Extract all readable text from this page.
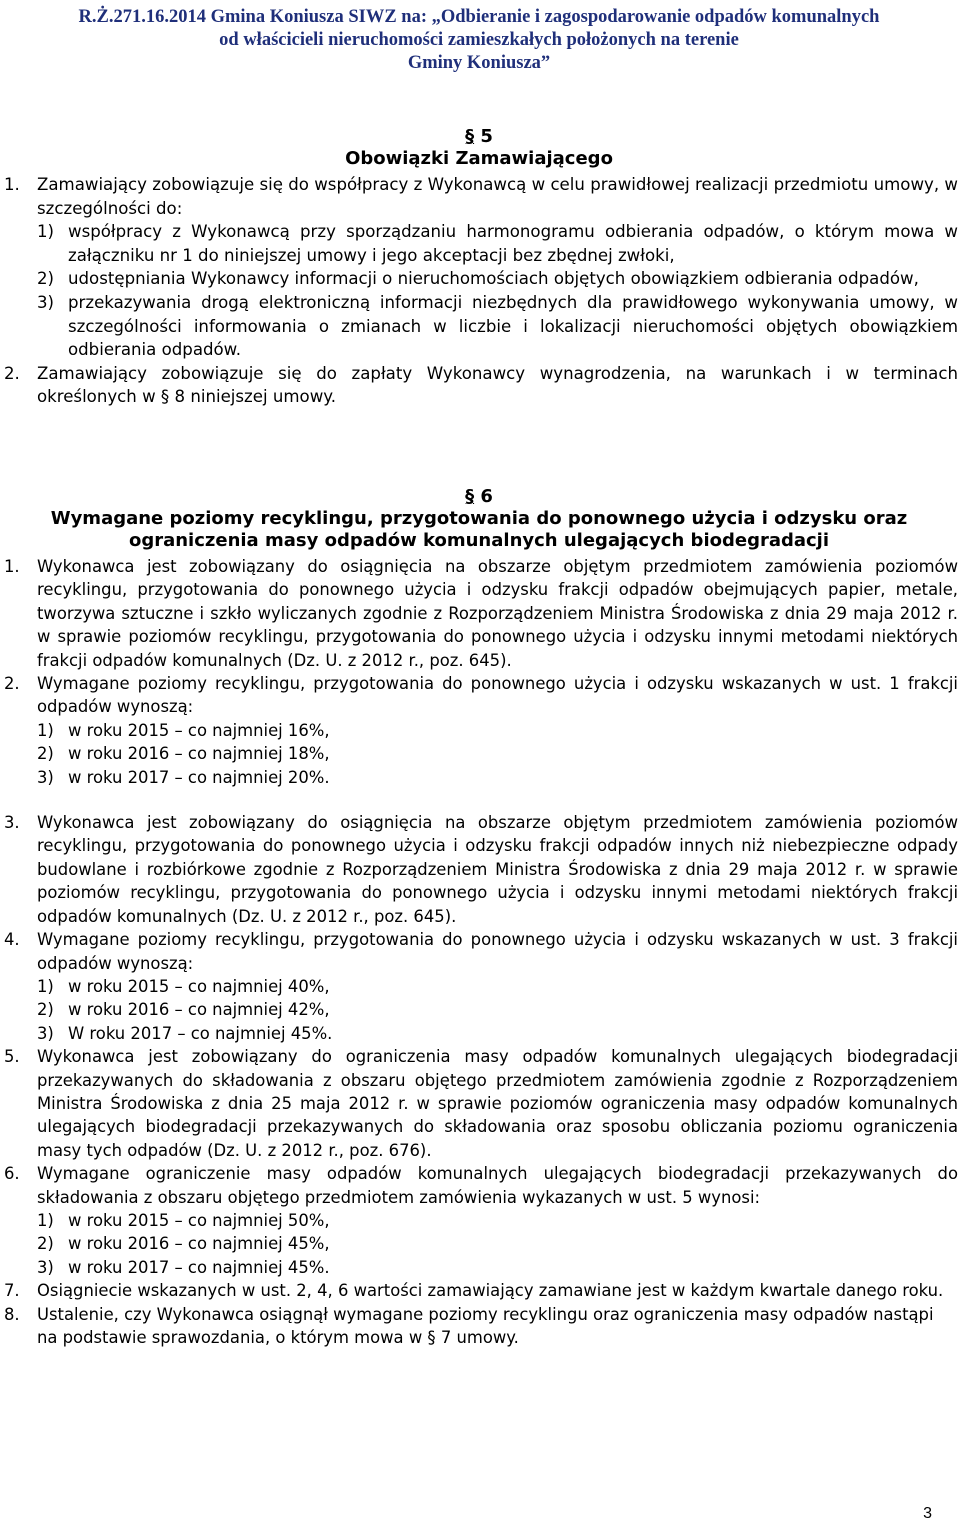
R.Ż.271.16.2014 Gmina Koniusza SIWZ na: „Odbieranie i zagospodarowanie odpadów komunalnych
od właścicieli nieruchomości zamieszkałych położonych na terenie
Gminy Koniusza”
§ 5
Obowiązki Zamawiającego
1. Zamawiający zobowiązuje się do współpracy z Wykonawcą w celu prawidłowej realizacji przedmiotu umowy, w szczególności do:
1) współpracy z Wykonawcą przy sporządzaniu harmonogramu odbierania odpadów, o którym mowa w załączniku nr 1 do niniejszej umowy i jego akceptacji bez zbędnej zwłoki,
2) udostępniania Wykonawcy informacji o nieruchomościach objętych obowiązkiem odbierania odpadów,
3) przekazywania drogą elektroniczną informacji niezbędnych dla prawidłowego wykonywania umowy, w szczególności informowania o zmianach w liczbie i lokalizacji nieruchomości objętych obowiązkiem odbierania odpadów.
2. Zamawiający zobowiązuje się do zapłaty Wykonawcy wynagrodzenia, na warunkach i w terminach określonych w § 8 niniejszej umowy.
§ 6
Wymagane poziomy recyklingu, przygotowania do ponownego użycia i odzysku oraz
ograniczenia masy odpadów komunalnych ulegających biodegradacji
1. Wykonawca jest zobowiązany do osiągnięcia na obszarze objętym przedmiotem zamówienia poziomów recyklingu, przygotowania do ponownego użycia i odzysku frakcji odpadów obejmujących papier, metale, tworzywa sztuczne i szkło wyliczanych zgodnie z Rozporządzeniem Ministra Środowiska z dnia 29 maja 2012 r. w sprawie poziomów recyklingu, przygotowania do ponownego użycia i odzysku innymi metodami niektórych frakcji odpadów komunalnych (Dz. U. z 2012 r., poz. 645).
2. Wymagane poziomy recyklingu, przygotowania do ponownego użycia i odzysku wskazanych w ust. 1 frakcji odpadów wynoszą:
1) w roku 2015 – co najmniej 16%,
2) w roku 2016 – co najmniej 18%,
3) w roku 2017 – co najmniej 20%.
3. Wykonawca jest zobowiązany do osiągnięcia na obszarze objętym przedmiotem zamówienia poziomów recyklingu, przygotowania do ponownego użycia i odzysku frakcji odpadów innych niż niebezpieczne odpady budowlane i rozbiórkowe zgodnie z Rozporządzeniem Ministra Środowiska z dnia 29 maja 2012 r. w sprawie poziomów recyklingu, przygotowania do ponownego użycia i odzysku innymi metodami niektórych frakcji odpadów komunalnych (Dz. U. z 2012 r., poz. 645).
4. Wymagane poziomy recyklingu, przygotowania do ponownego użycia i odzysku wskazanych w ust. 3 frakcji odpadów wynoszą:
1) w roku 2015 – co najmniej 40%,
2) w roku 2016 – co najmniej 42%,
3) W roku 2017 – co najmniej 45%.
5. Wykonawca jest zobowiązany do ograniczenia masy odpadów komunalnych ulegających biodegradacji przekazywanych do składowania z obszaru objętego przedmiotem zamówienia zgodnie z Rozporządzeniem Ministra Środowiska z dnia 25 maja 2012 r. w sprawie poziomów ograniczenia masy odpadów komunalnych ulegających biodegradacji przekazywanych do składowania oraz sposobu obliczania poziomu ograniczenia masy tych odpadów (Dz. U. z 2012 r., poz. 676).
6. Wymagane ograniczenie masy odpadów komunalnych ulegających biodegradacji przekazywanych do składowania z obszaru objętego przedmiotem zamówienia wykazanych w ust. 5 wynosi:
1) w roku 2015 – co najmniej 50%,
2) w roku 2016 – co najmniej 45%,
3) w roku 2017 – co najmniej 45%.
7. Osiągniecie wskazanych w ust. 2, 4, 6 wartości zamawiający zamawiane jest w każdym kwartale danego roku.
8. Ustalenie, czy Wykonawca osiągnął wymagane poziomy recyklingu oraz ograniczenia masy odpadów nastąpi na podstawie sprawozdania, o którym mowa w § 7 umowy.
3
